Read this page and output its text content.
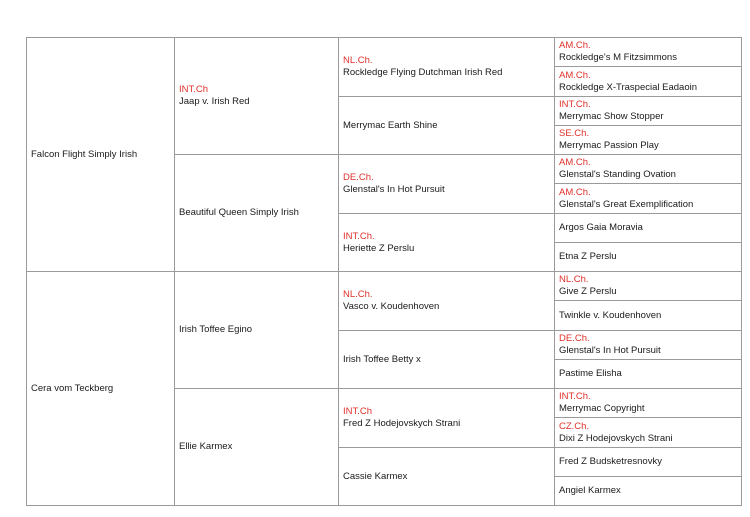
Falcon Flight Simply Irish
Cera vom Teckberg
INT.Ch
Jaap v. Irish Red
Beautiful Queen Simply Irish
Irish Toffee Egino
Ellie Karmex
NL.Ch.
Rockledge Flying Dutchman Irish Red
Merrymac Earth Shine
DE.Ch.
Glenstal's In Hot Pursuit
INT.Ch.
Heriette Z Perslu
NL.Ch.
Vasco v. Koudenhoven
Irish Toffee Betty x
INT.Ch
Fred Z Hodejovskych Strani
Cassie Karmex
AM.Ch.
Rockledge's M Fitzsimmons
AM.Ch.
Rockledge X-Traspecial Eadaoin
INT.Ch.
Merrymac Show Stopper
SE.Ch.
Merrymac Passion Play
AM.Ch.
Glenstal's Standing Ovation
AM.Ch.
Glenstal's Great Exemplification
Argos Gaia Moravia
Etna Z Perslu
NL.Ch.
Give Z Perslu
Twinkle v. Koudenhoven
DE.Ch.
Glenstal's In Hot Pursuit
Pastime Elisha
INT.Ch.
Merrymac Copyright
CZ.Ch.
Dixi Z Hodejovskych Strani
Fred Z Budsketresnovky
Angiel Karmex
